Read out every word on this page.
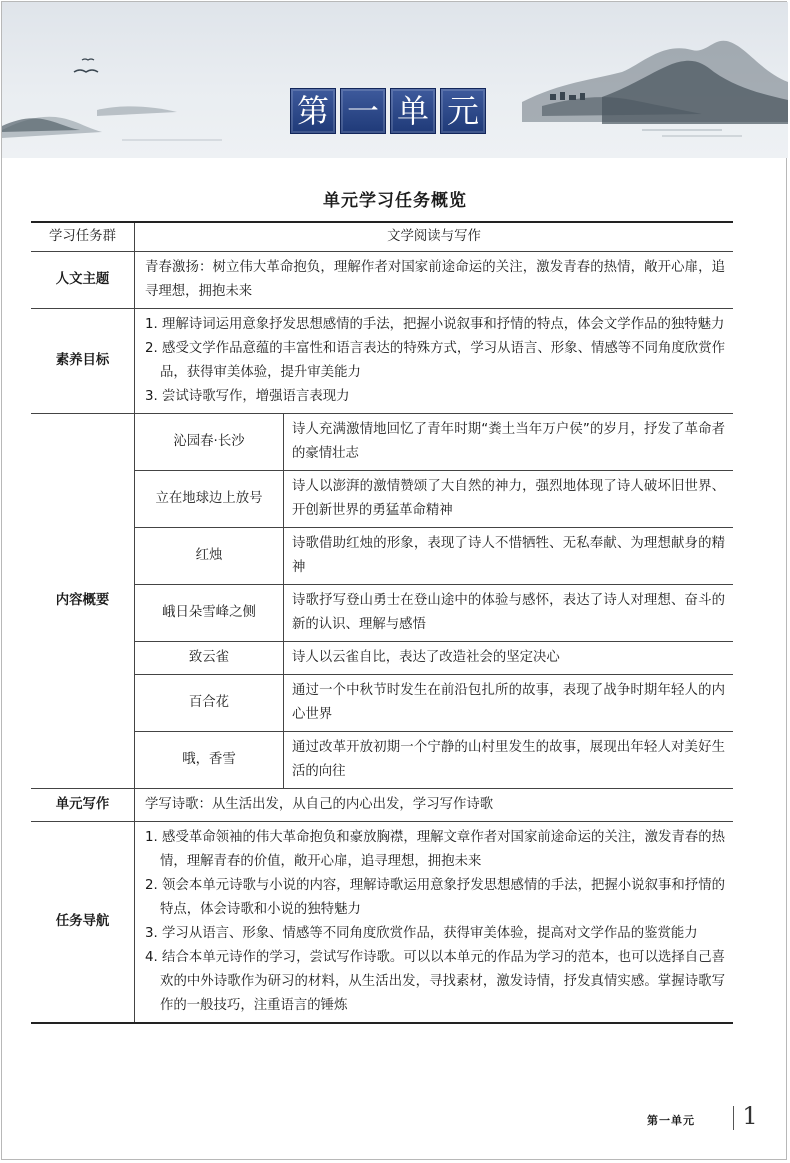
第 一 单 元
单元学习任务概览
学习任务群	文学阅读与写作	
人文主题	青春激扬：树立伟大革命抱负，理解作者对国家前途命运的关注，激发青春的热情，敞开心扉，追寻理想，拥抱未来	
素养目标	1. 理解诗词运用意象抒发思想感情的手法，把握小说叙事和抒情的特点，体会文学作品的独特魅力
2. 感受文学作品意蕴的丰富性和语言表达的特殊方式，学习从语言、形象、情感等不同角度欣赏作品，获得审美体验，提升审美能力
3. 尝试诗歌写作，增强语言表现力	

内容概要	沁园春·长沙	诗人充满激情地回忆了青年时期“粪土当年万户侯”的岁月，抒发了革命者的豪情壮志
	立在地球边上放号	诗人以澎湃的激情赞颂了大自然的神力，强烈地体现了诗人破坏旧世界、开创新世界的勇猛革命精神
	红烛	诗歌借助红烛的形象，表现了诗人不惜牺牲、无私奉献、为理想献身的精神
	峨日朵雪峰之侧	诗歌抒写登山勇士在登山途中的体验与感怀，表达了诗人对理想、奋斗的新的认识、理解与感悟
	致云雀	诗人以云雀自比，表达了改造社会的坚定决心
	百合花	通过一个中秋节时发生在前沿包扎所的故事，表现了战争时期年轻人的内心世界
	哦，香雪	通过改革开放初期一个宁静的山村里发生的故事，展现出年轻人对美好生活的向往
单元写作	学写诗歌：从生活出发，从自己的内心出发，学习写作诗歌	
任务导航	1. 感受革命领袖的伟大革命抱负和豪放胸襟，理解文章作者对国家前途命运的关注，激发青春的热情，理解青春的价值，敞开心扉，追寻理想，拥抱未来
2. 领会本单元诗歌与小说的内容，理解诗歌运用意象抒发思想感情的手法，把握小说叙事和抒情的特点，体会诗歌和小说的独特魅力
3. 学习从语言、形象、情感等不同角度欣赏作品，获得审美体验，提高对文学作品的鉴赏能力
4. 结合本单元诗作的学习，尝试写作诗歌。可以以本单元的作品为学习的范本，也可以选择自己喜欢的中外诗歌作为研习的材料，从生活出发，寻找素材，激发诗情，抒发真情实感。掌握诗歌写作的一般技巧，注重语言的锤炼	
第一单元 1
